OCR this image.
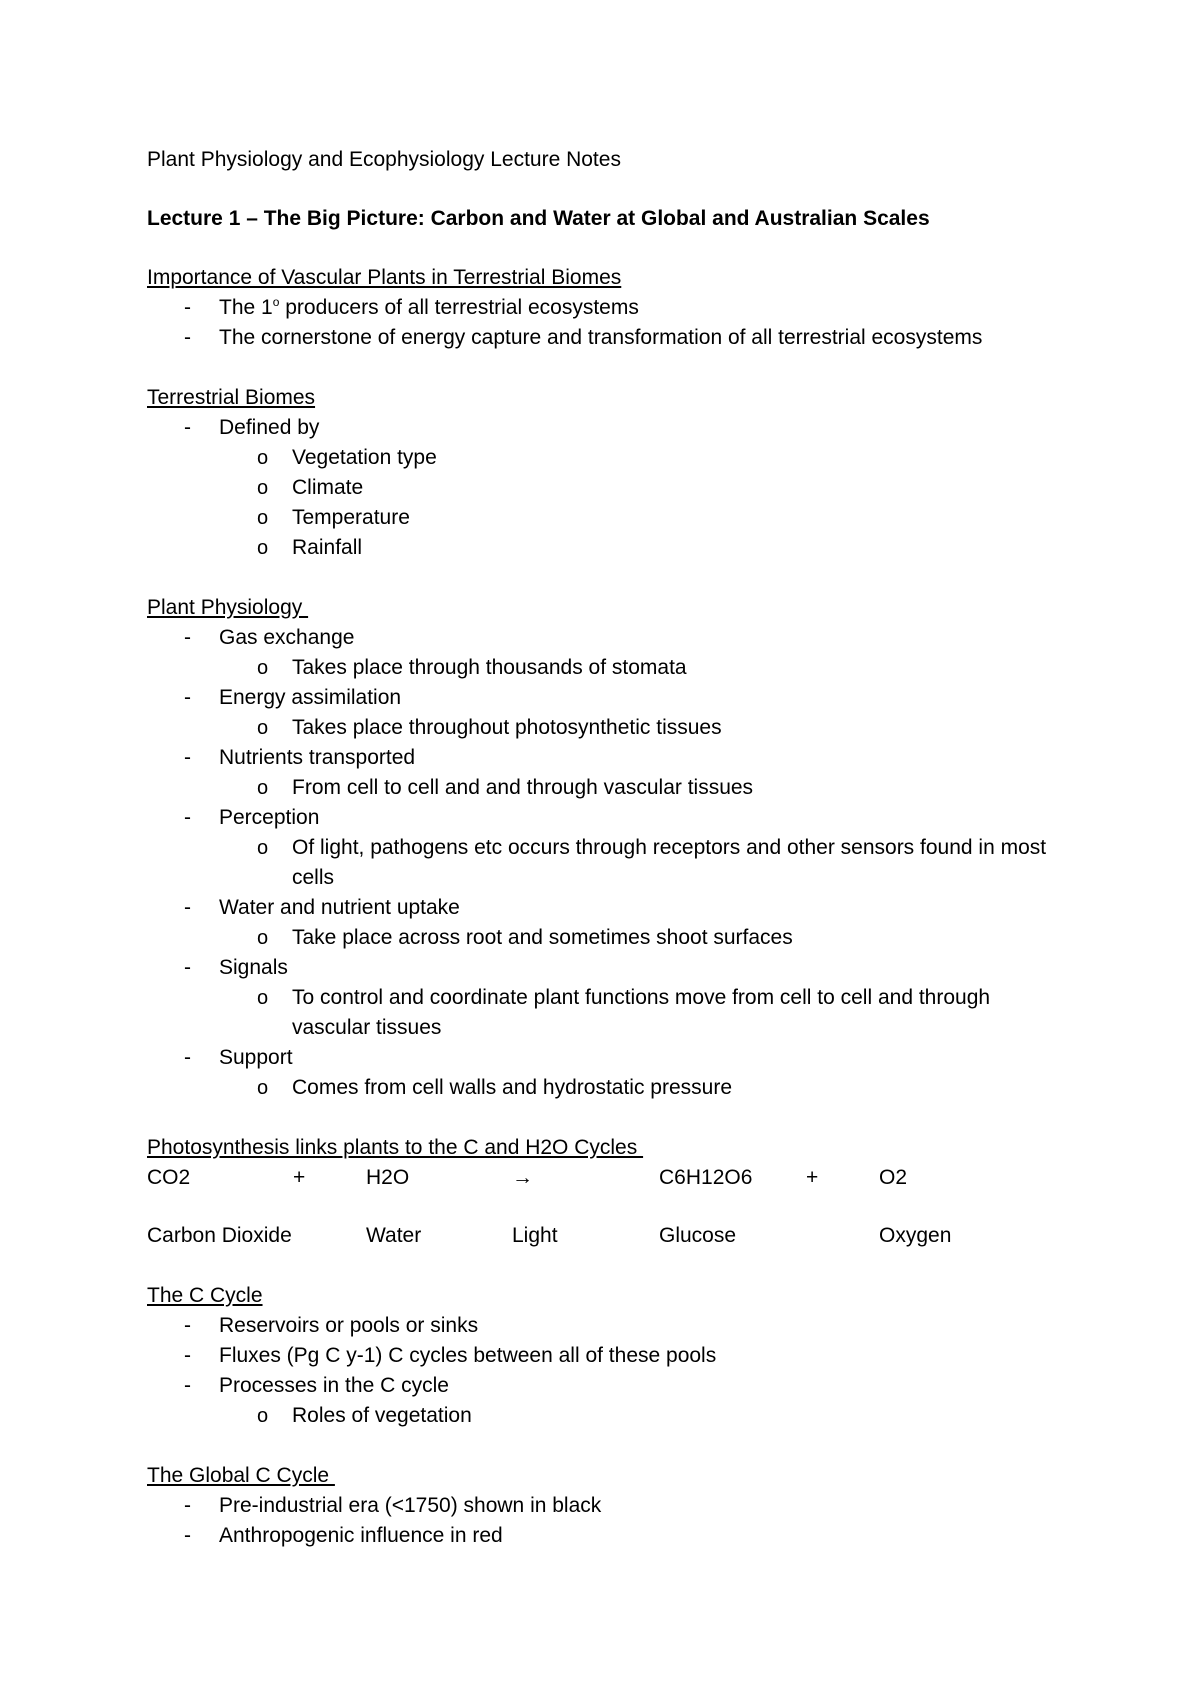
Plant Physiology and Ecophysiology Lecture Notes
Lecture 1 – The Big Picture: Carbon and Water at Global and Australian Scales
Importance of Vascular Plants in Terrestrial Biomes
- The 1$^o$ producers of all terrestrial ecosystems
- The cornerstone of energy capture and transformation of all terrestrial ecosystems
Terrestrial Biomes
- Defined by
o Vegetation type
o Climate
o Temperature
o Rainfall
Plant Physiology
- Gas exchange
o Takes place through thousands of stomata
- Energy assimilation
o Takes place throughout photosynthetic tissues
- Nutrients transported
o From cell to cell and and through vascular tissues
- Perception
o Of light, pathogens etc occurs through receptors and other sensors found in most cells
- Water and nutrient uptake
o Take place across root and sometimes shoot surfaces
- Signals
o To control and coordinate plant functions move from cell to cell and through vascular tissues
- Support
o Comes from cell walls and hydrostatic pressure
Photosynthesis links plants to the C and H2O Cycles
CO2	+	H2O	→	C6H12O6	+	O2
Carbon Dioxide	Water	Light	Glucose	Oxygen
The C Cycle
- Reservoirs or pools or sinks
- Fluxes (Pg C y-1) C cycles between all of these pools
- Processes in the C cycle
o Roles of vegetation
The Global C Cycle
- Pre-industrial era (<1750) shown in black
- Anthropogenic influence in red
